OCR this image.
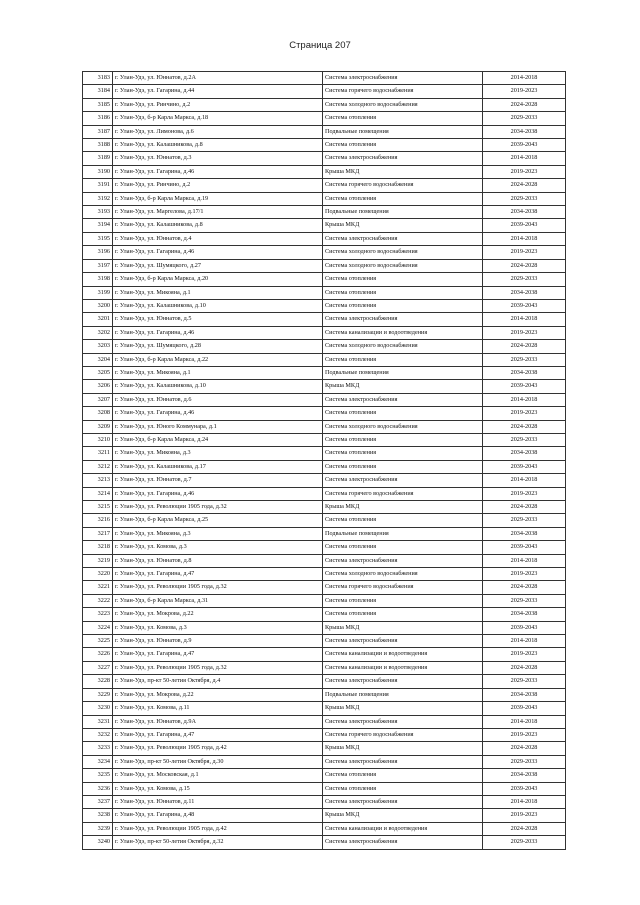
Страница 207
3183	г. Улан-Удэ, ул. Юннатов, д.2А	Система электроснабжения	2014-2018
3184	г. Улан-Удэ, ул. Гагарина, д.44	Система горячего водоснабжения	2019-2023
3185	г. Улан-Удэ, ул. Ринчино, д.2	Система холодного водоснабжения	2024-2028
3186	г. Улан-Удэ, б-р Карла Маркса, д.18	Система отопления	2029-2033
3187	г. Улан-Удэ, ул. Лимонова, д.6	Подвальные помещения	2034-2038
3188	г. Улан-Удэ, ул. Калашникова, д.8	Система отопления	2039-2043
3189	г. Улан-Удэ, ул. Юннатов, д.3	Система электроснабжения	2014-2018
3190	г. Улан-Удэ, ул. Гагарина, д.46	Крыша МКД	2019-2023
3191	г. Улан-Удэ, ул. Ринчино, д.2	Система горячего водоснабжения	2024-2028
3192	г. Улан-Удэ, б-р Карла Маркса, д.19	Система отопления	2029-2033
3193	г. Улан-Удэ, ул. Маргелова, д.17/1	Подвальные помещения	2034-2038
3194	г. Улан-Удэ, ул. Калашникова, д.8	Крыша МКД	2039-2043
3195	г. Улан-Удэ, ул. Юннатов, д.4	Система электроснабжения	2014-2018
3196	г. Улан-Удэ, ул. Гагарина, д.46	Система холодного водоснабжения	2019-2023
3197	г. Улан-Удэ, ул. Шумяцкого, д.27	Система холодного водоснабжения	2024-2028
3198	г. Улан-Удэ, б-р Карла Маркса, д.20	Система отопления	2029-2033
3199	г. Улан-Удэ, ул. Микояна, д.1	Система отопления	2034-2038
3200	г. Улан-Удэ, ул. Калашникова, д.10	Система отопления	2039-2043
3201	г. Улан-Удэ, ул. Юннатов, д.5	Система электроснабжения	2014-2018
3202	г. Улан-Удэ, ул. Гагарина, д.46	Система канализации и водоотведения	2019-2023
3203	г. Улан-Удэ, ул. Шумяцкого, д.28	Система холодного водоснабжения	2024-2028
3204	г. Улан-Удэ, б-р Карла Маркса, д.22	Система отопления	2029-2033
3205	г. Улан-Удэ, ул. Микояна, д.1	Подвальные помещения	2034-2038
3206	г. Улан-Удэ, ул. Калашникова, д.10	Крыша МКД	2039-2043
3207	г. Улан-Удэ, ул. Юннатов, д.6	Система электроснабжения	2014-2018
3208	г. Улан-Удэ, ул. Гагарина, д.46	Система отопления	2019-2023
3209	г. Улан-Удэ, ул. Юного Коммунара, д.1	Система холодного водоснабжения	2024-2028
3210	г. Улан-Удэ, б-р Карла Маркса, д.24	Система отопления	2029-2033
3211	г. Улан-Удэ, ул. Микояна, д.3	Система отопления	2034-2038
3212	г. Улан-Удэ, ул. Калашникова, д.17	Система отопления	2039-2043
3213	г. Улан-Удэ, ул. Юннатов, д.7	Система электроснабжения	2014-2018
3214	г. Улан-Удэ, ул. Гагарина, д.46	Система горячего водоснабжения	2019-2023
3215	г. Улан-Удэ, ул. Революции 1905 года, д.32	Крыша МКД	2024-2028
3216	г. Улан-Удэ, б-р Карла Маркса, д.25	Система отопления	2029-2033
3217	г. Улан-Удэ, ул. Микояна, д.3	Подвальные помещения	2034-2038
3218	г. Улан-Удэ, ул. Комова, д.3	Система отопления	2039-2043
3219	г. Улан-Удэ, ул. Юннатов, д.8	Система электроснабжения	2014-2018
3220	г. Улан-Удэ, ул. Гагарина, д.47	Система холодного водоснабжения	2019-2023
3221	г. Улан-Удэ, ул. Революции 1905 года, д.32	Система горячего водоснабжения	2024-2028
3222	г. Улан-Удэ, б-р Карла Маркса, д.31	Система отопления	2029-2033
3223	г. Улан-Удэ, ул. Мокрова, д.22	Система отопления	2034-2038
3224	г. Улан-Удэ, ул. Комова, д.3	Крыша МКД	2039-2043
3225	г. Улан-Удэ, ул. Юннатов, д.9	Система электроснабжения	2014-2018
3226	г. Улан-Удэ, ул. Гагарина, д.47	Система канализации и водоотведения	2019-2023
3227	г. Улан-Удэ, ул. Революции 1905 года, д.32	Система канализации и водоотведения	2024-2028
3228	г. Улан-Удэ, пр-кт 50-летия Октября, д.4	Система электроснабжения	2029-2033
3229	г. Улан-Удэ, ул. Мокрова, д.22	Подвальные помещения	2034-2038
3230	г. Улан-Удэ, ул. Комова, д.11	Крыша МКД	2039-2043
3231	г. Улан-Удэ, ул. Юннатов, д.9А	Система электроснабжения	2014-2018
3232	г. Улан-Удэ, ул. Гагарина, д.47	Система горячего водоснабжения	2019-2023
3233	г. Улан-Удэ, ул. Революции 1905 года, д.42	Крыша МКД	2024-2028
3234	г. Улан-Удэ, пр-кт 50-летия Октября, д.30	Система электроснабжения	2029-2033
3235	г. Улан-Удэ, ул. Московская, д.1	Система отопления	2034-2038
3236	г. Улан-Удэ, ул. Комова, д.15	Система отопления	2039-2043
3237	г. Улан-Удэ, ул. Юннатов, д.11	Система электроснабжения	2014-2018
3238	г. Улан-Удэ, ул. Гагарина, д.48	Крыша МКД	2019-2023
3239	г. Улан-Удэ, ул. Революции 1905 года, д.42	Система канализации и водоотведения	2024-2028
3240	г. Улан-Удэ, пр-кт 50-летия Октября, д.32	Система электроснабжения	2029-2033
